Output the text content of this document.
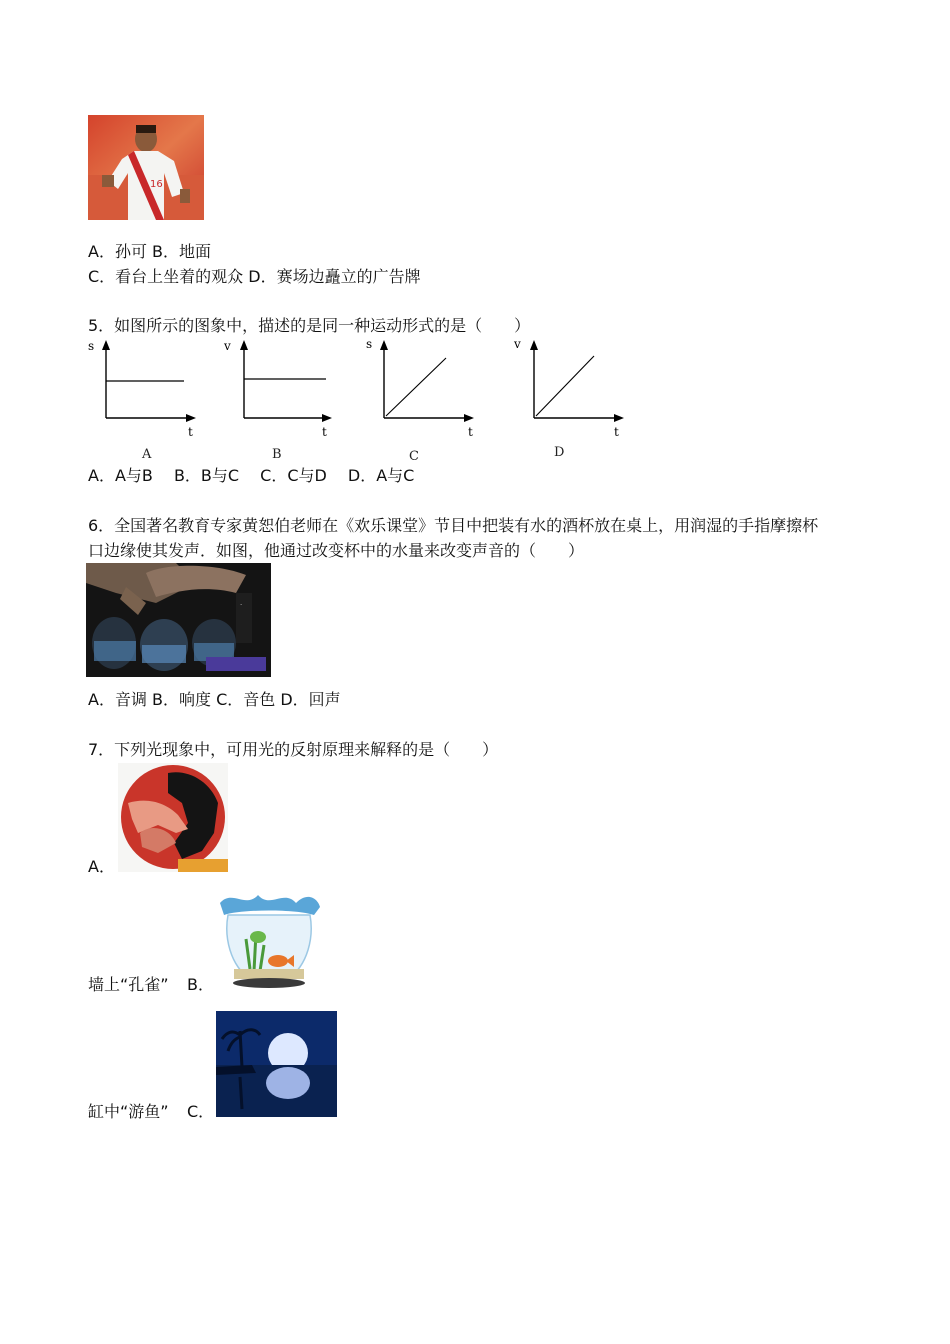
16
A．孙可 B．地面
C．看台上坐着的观众 D．赛场边矗立的广告牌
5．如图所示的图象中，描述的是同一种运动形式的是（　　）
s
t
A
v
t
B
s
t
C
v
t
D
A．A与B　 B．B与C　 C．C与D　 D．A与C
6．全国著名教育专家黄恕伯老师在《欢乐课堂》节目中把装有水的酒杯放在桌上，用润湿的手指摩擦杯
口边缘使其发声．如图，他通过改变杯中的水量来改变声音的（　　）
·
A．音调 B．响度 C．音色 D．回声
7．下列光现象中，可用光的反射原理来解释的是（　　）
A．
墙上“孔雀” B．
缸中“游鱼” C．
